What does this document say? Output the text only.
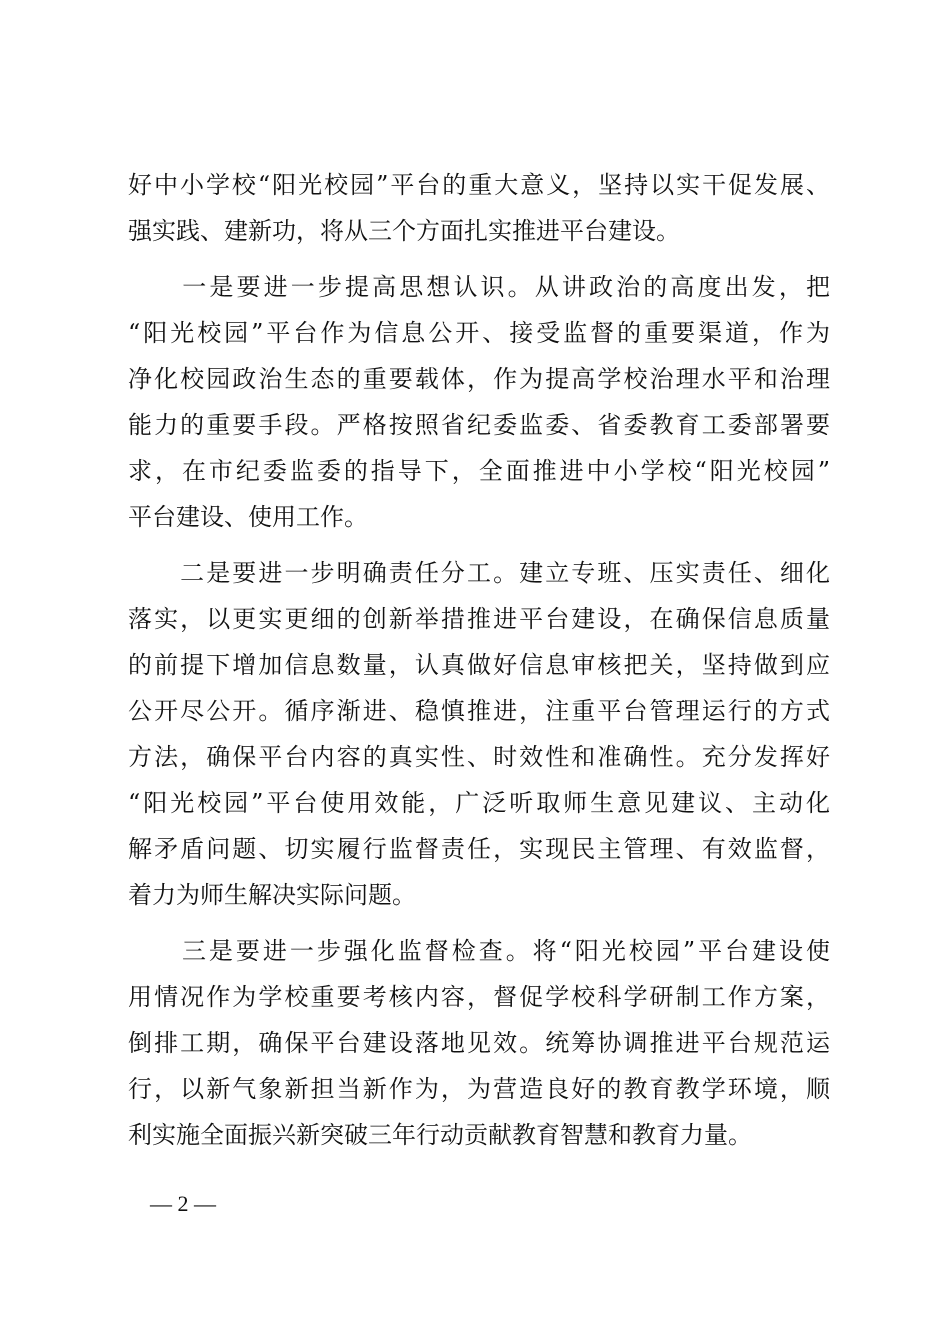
好中小学校“阳光校园”平台的重大意义，坚持以实干促发展、
强实践、建新功，将从三个方面扎实推进平台建设。
　　一是要进一步提高思想认识。从讲政治的高度出发，把
“阳光校园”平台作为信息公开、接受监督的重要渠道，作为
净化校园政治生态的重要载体，作为提高学校治理水平和治理
能力的重要手段。严格按照省纪委监委、省委教育工委部署要
求，在市纪委监委的指导下，全面推进中小学校“阳光校园”
平台建设、使用工作。
　　二是要进一步明确责任分工。建立专班、压实责任、细化
落实，以更实更细的创新举措推进平台建设，在确保信息质量
的前提下增加信息数量，认真做好信息审核把关，坚持做到应
公开尽公开。循序渐进、稳慎推进，注重平台管理运行的方式
方法，确保平台内容的真实性、时效性和准确性。充分发挥好
“阳光校园”平台使用效能，广泛听取师生意见建议、主动化
解矛盾问题、切实履行监督责任，实现民主管理、有效监督，
着力为师生解决实际问题。
　　三是要进一步强化监督检查。将“阳光校园”平台建设使
用情况作为学校重要考核内容，督促学校科学研制工作方案，
倒排工期，确保平台建设落地见效。统筹协调推进平台规范运
行，以新气象新担当新作为，为营造良好的教育教学环境，顺
利实施全面振兴新突破三年行动贡献教育智慧和教育力量。
— 2 —
